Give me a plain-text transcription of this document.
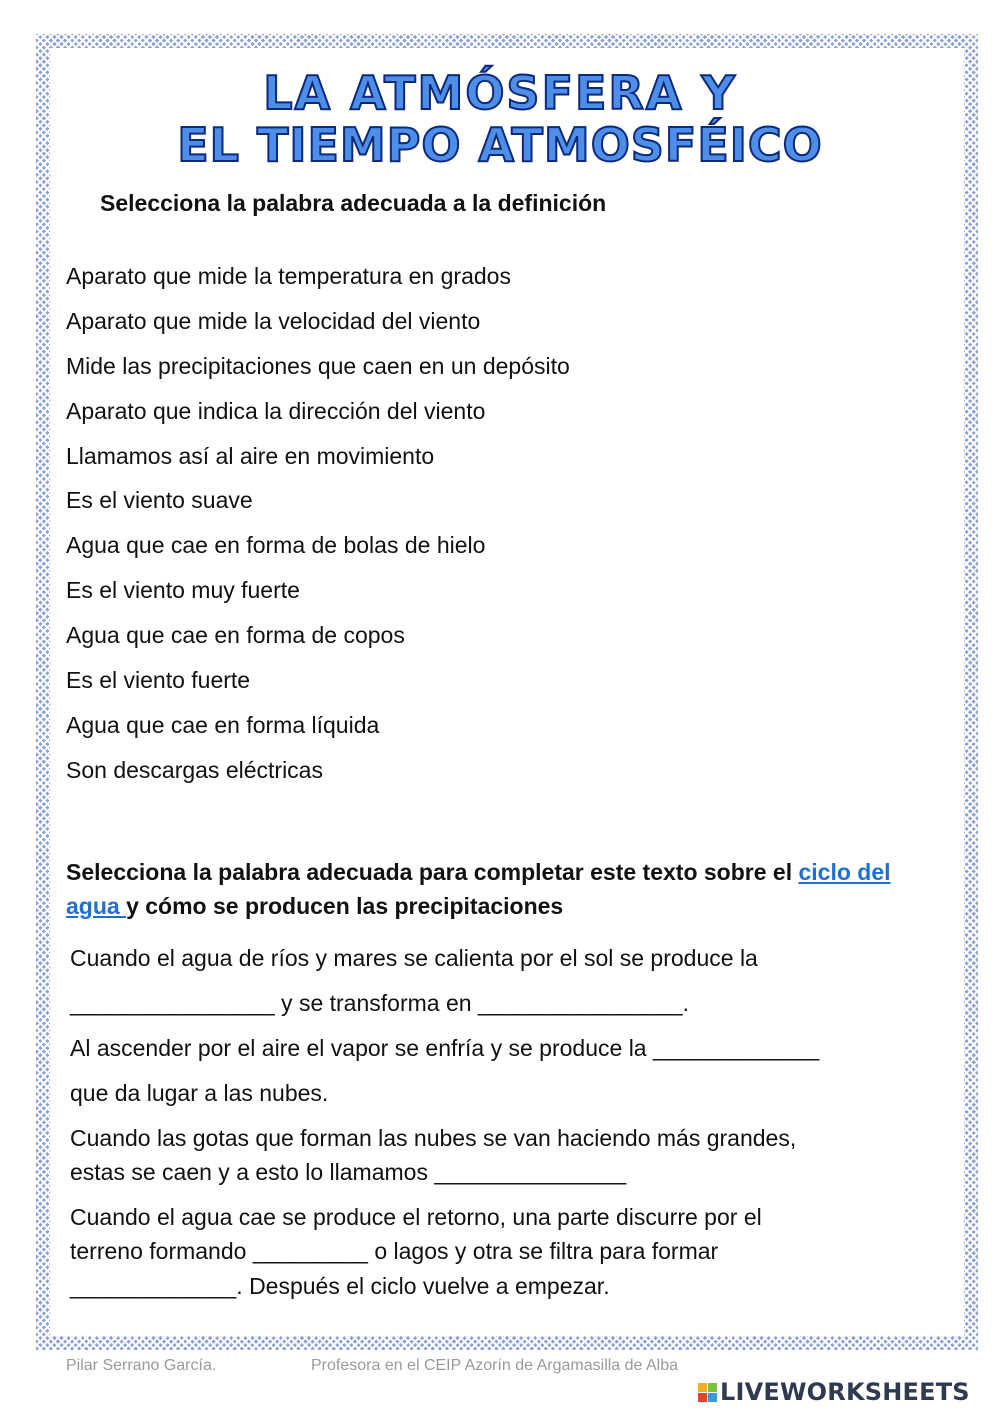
LA ATMÓSFERA Y
EL TIEMPO ATMOSFÉICO
Selecciona la palabra adecuada a la definición
Aparato que mide la temperatura en grados
Aparato que mide la velocidad del viento
Mide las precipitaciones que caen en un depósito
Aparato que indica la dirección del viento
Llamamos así al aire en movimiento
Es el viento suave
Agua que cae en forma de bolas de hielo
Es el viento muy fuerte
Agua que cae en forma de copos
Es el viento fuerte
Agua que cae en forma líquida
Son descargas eléctricas
Selecciona la palabra adecuada para completar este texto sobre el ciclo del agua y cómo se producen las precipitaciones
Cuando el agua de ríos y mares se calienta por el sol se produce la
________________ y se transforma en ________________.
Al ascender por el aire el vapor se enfría y se produce la _____________
que da lugar a las nubes.
Cuando las gotas que forman las nubes se van haciendo más grandes,
estas se caen y a esto lo llamamos _______________
Cuando el agua cae se produce el retorno, una parte discurre por el
terreno formando _________ o lagos y otra se filtra para formar
_____________. Después el ciclo vuelve a empezar.
Pilar Serrano García.	Profesora en el CEIP Azorín de Argamasilla de Alba
LIVEWORKSHEETS
